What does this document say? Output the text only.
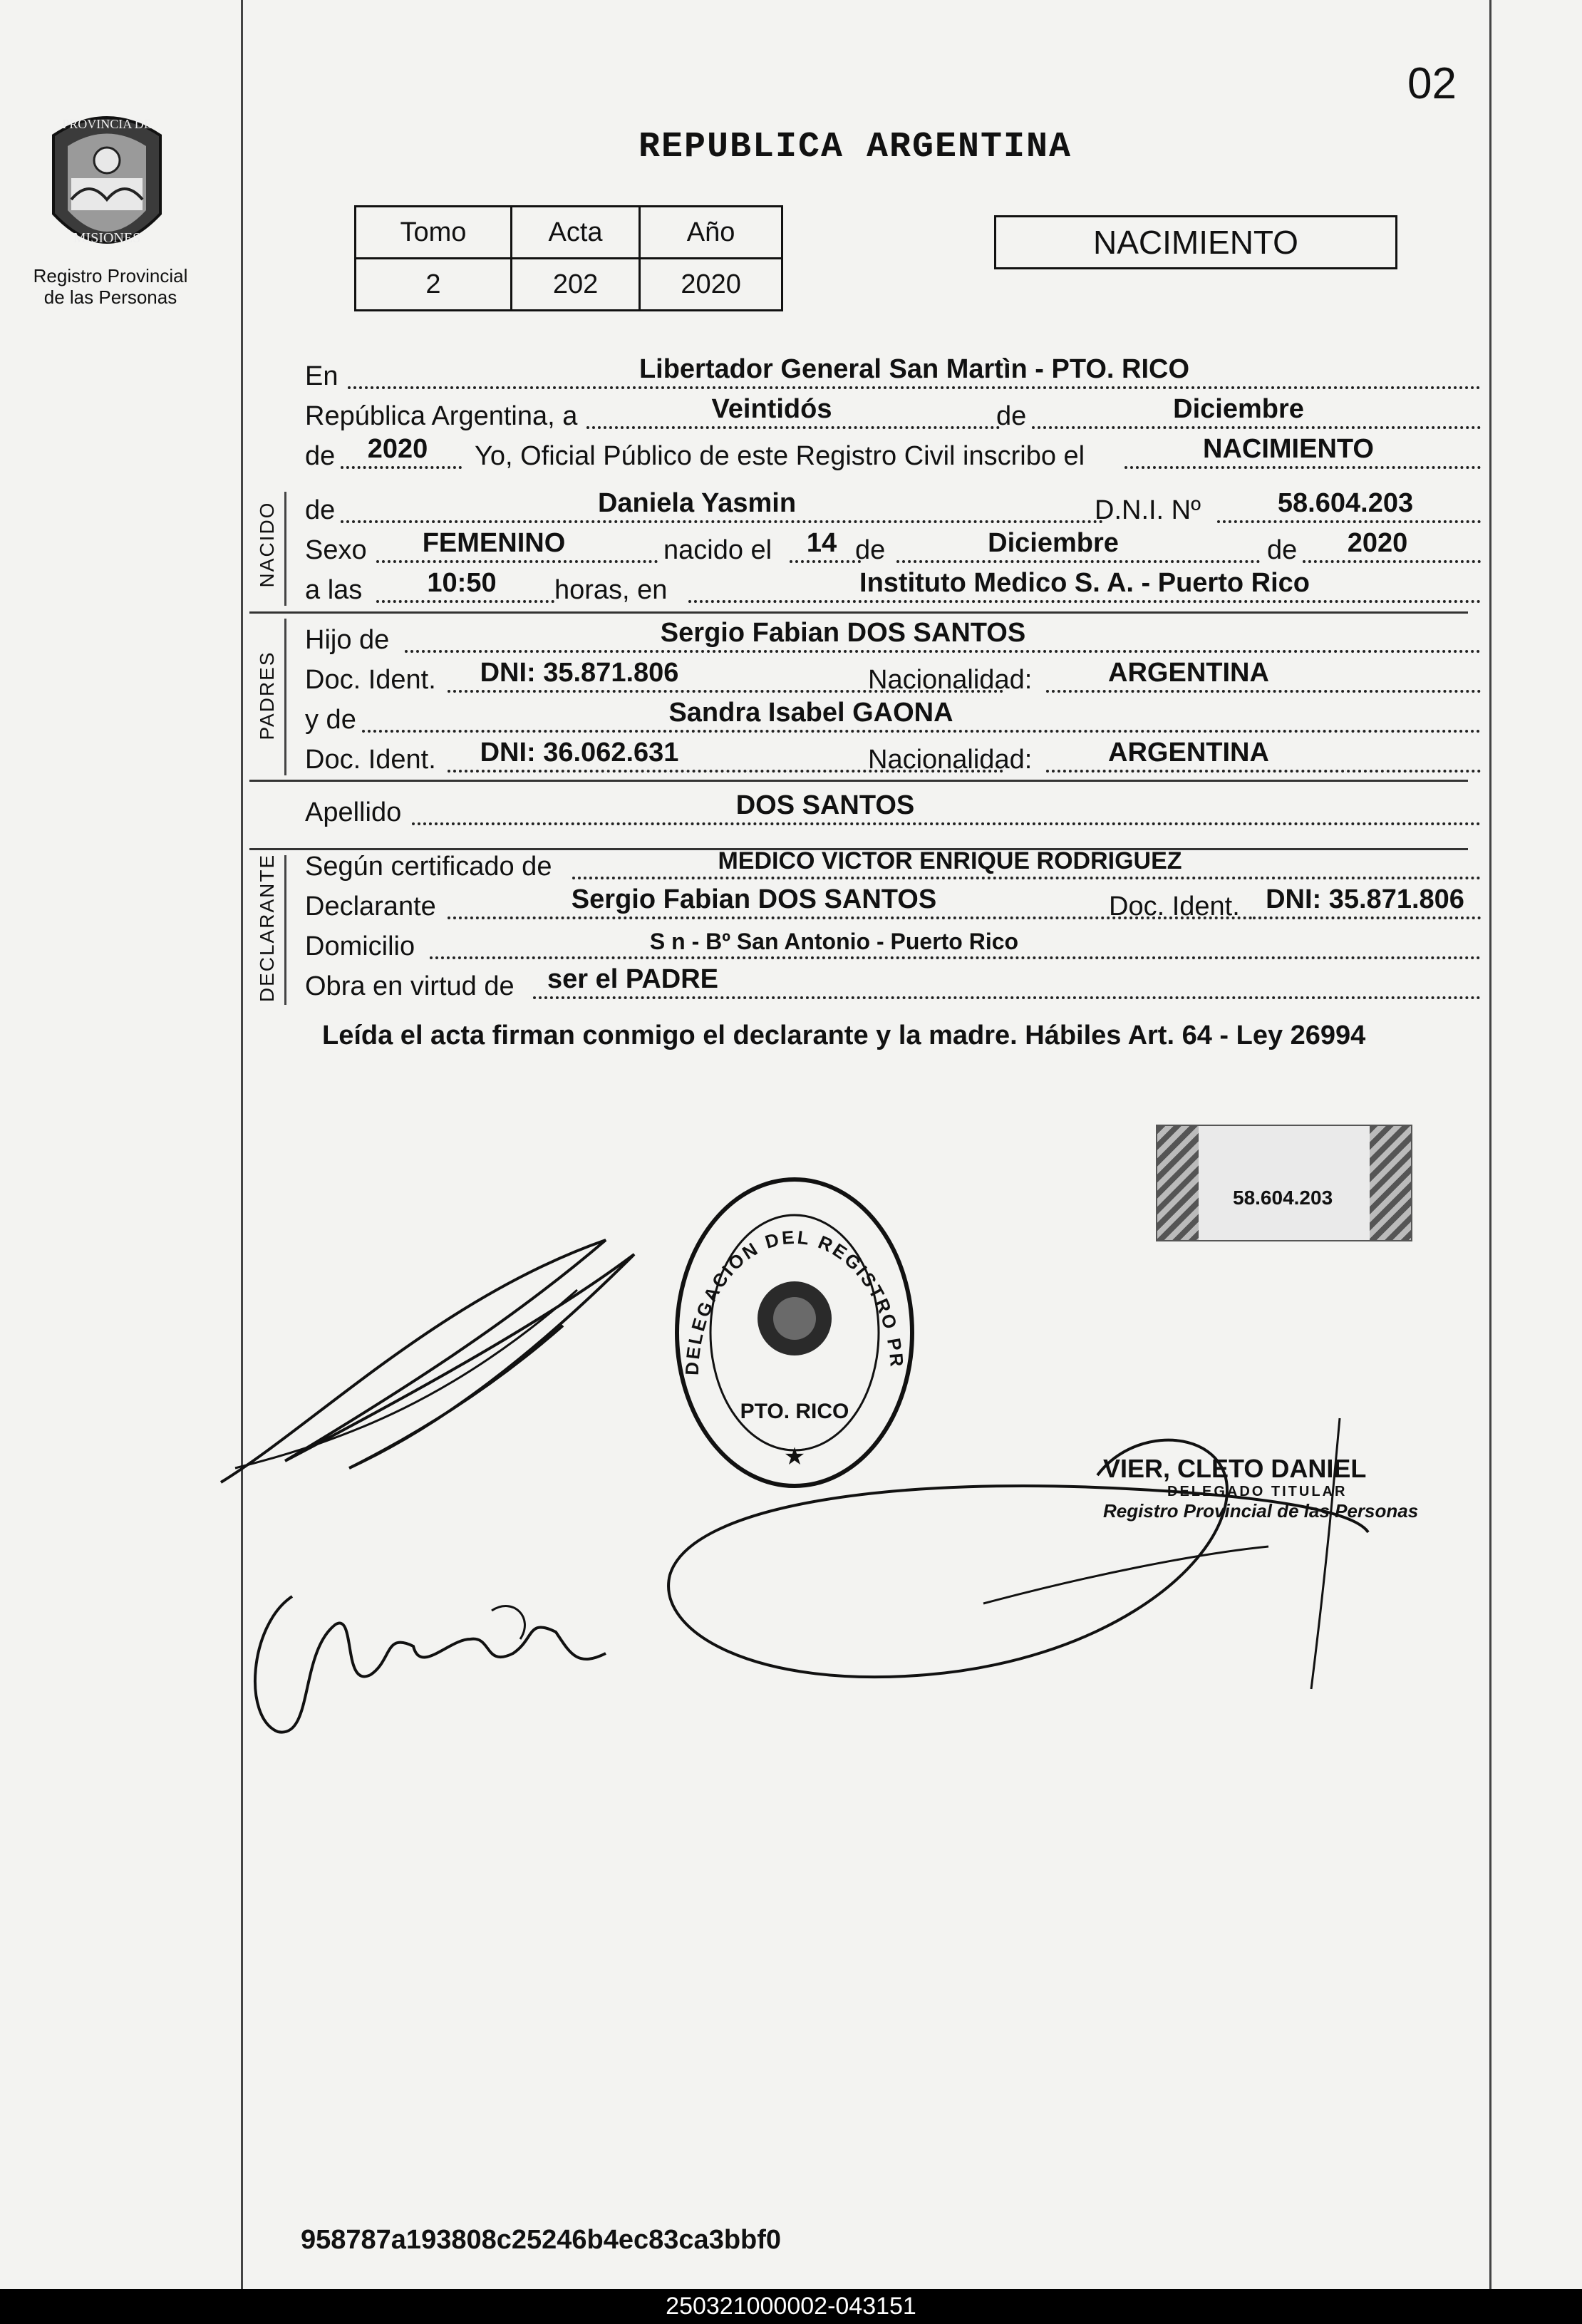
02
PROVINCIA DE
MISIONES
Registro Provincial de las Personas
REPUBLICA ARGENTINA
Tomo	Acta	Año
2	202	2020
NACIMIENTO
NACIDO
PADRES
DECLARANTE
En	Libertador General San Martìn - PTO. RICO
República Argentina, a	Veintidós	de	Diciembre
de	2020	Yo, Oficial Público de este Registro Civil inscribo el	NACIMIENTO
de	Daniela Yasmin	D.N.I. Nº	58.604.203
Sexo	FEMENINO	nacido el	14 de	Diciembre	de	2020
a las	10:50	horas, en	Instituto Medico S. A. - Puerto Rico
Hijo de	Sergio Fabian DOS SANTOS
Doc. Ident.	DNI: 35.871.806	Nacionalidad:	ARGENTINA
y de	Sandra Isabel GAONA
Doc. Ident.	DNI: 36.062.631	Nacionalidad:	ARGENTINA
Apellido	DOS SANTOS
Según certificado de	MEDICO VICTOR ENRIQUE RODRIGUEZ
Declarante	Sergio Fabian DOS SANTOS	Doc. Ident. DNI: 35.871.806
Domicilio	S n - Bº San Antonio - Puerto Rico
Obra en virtud de	ser el PADRE
Leída el acta firman conmigo el declarante y la madre. Hábiles Art. 64 - Ley 26994
58.604.203
DELEGACION DEL REGISTRO PROVINCIAL DE LAS PERSONAS
PTO. RICO
★	VIER, CLETO DANIEL
DELEGADO TITULAR
Registro Provincial de las Personas
958787a193808c25246b4ec83ca3bbf0
250321000002-043151
